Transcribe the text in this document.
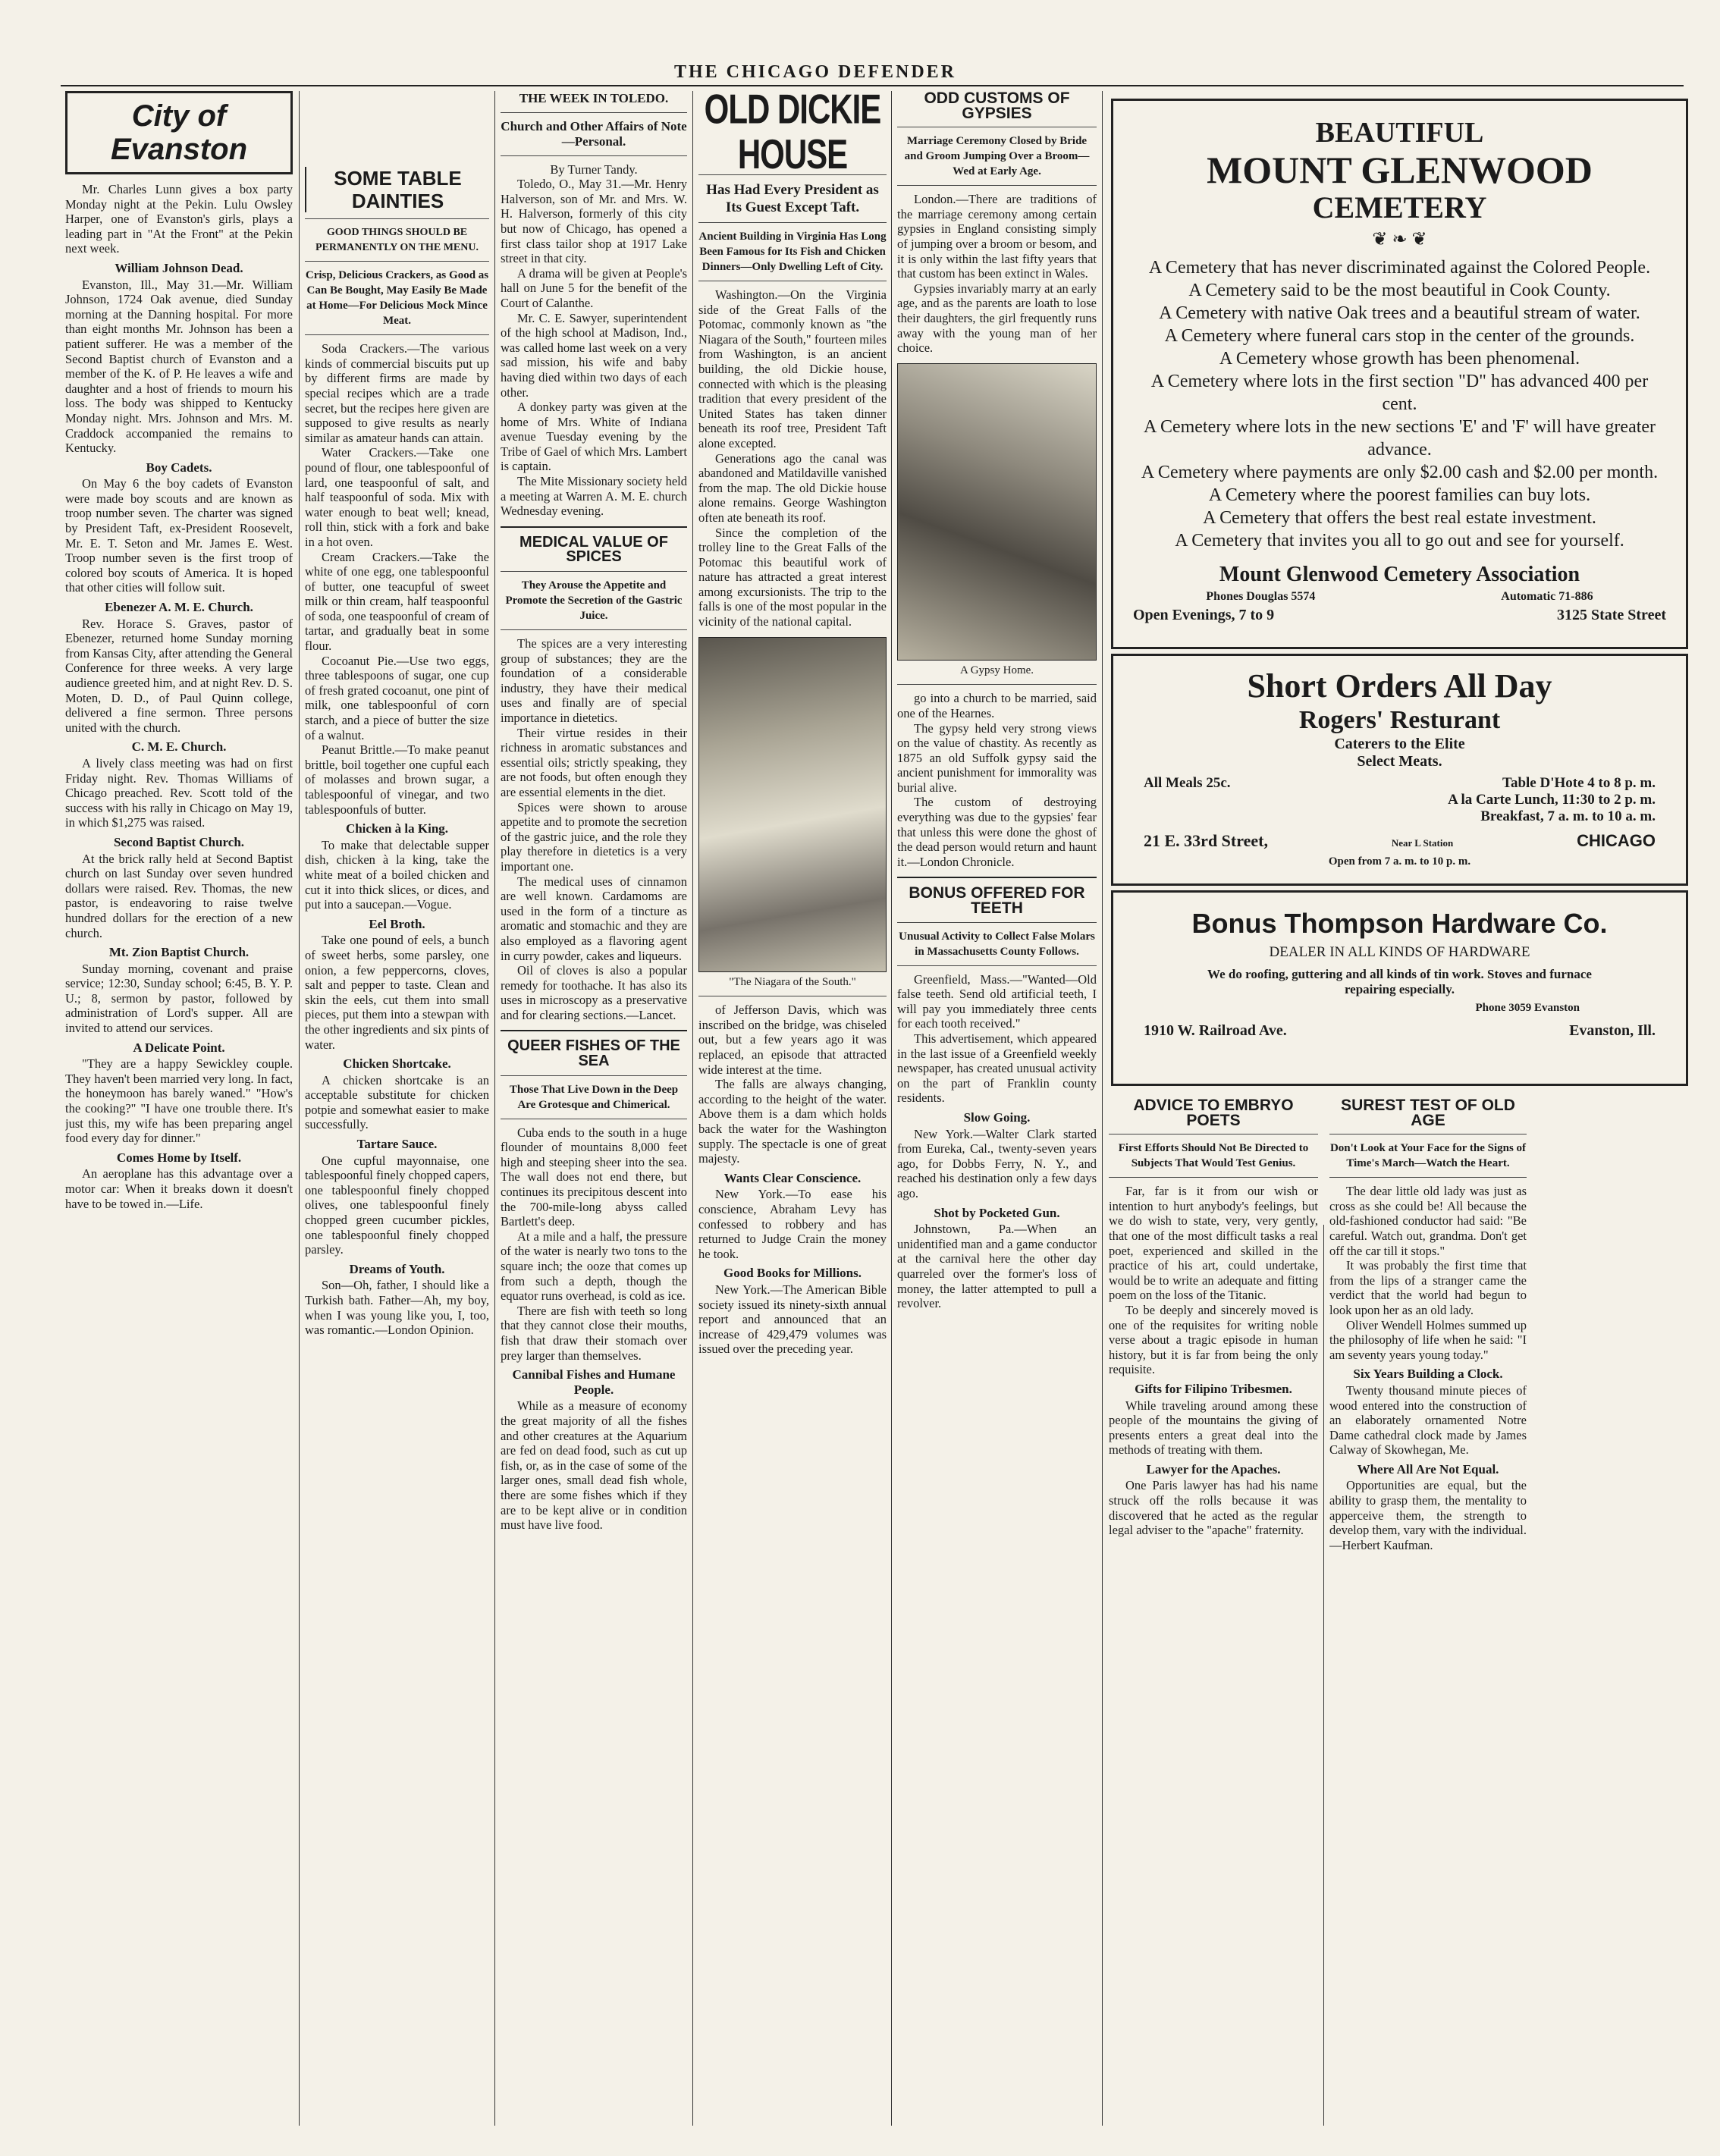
THE CHICAGO DEFENDER
City of Evanston

Mr. Charles Lunn gives a box party Monday night at the Pekin. Lulu Owsley Harper, one of Evanston's girls, plays a leading part in "At the Front" at the Pekin next week.

William Johnson Dead.

Evanston, Ill., May 31.—Mr. William Johnson, 1724 Oak avenue, died Sunday morning at the Danning hospital. For more than eight months Mr. Johnson has been a patient sufferer. He was a member of the Second Baptist church of Evanston and a member of the K. of P. He leaves a wife and daughter and a host of friends to mourn his loss. The body was shipped to Kentucky Monday night. Mrs. Johnson and Mrs. M. Craddock accompanied the remains to Kentucky.

Boy Cadets.

On May 6 the boy cadets of Evanston were made boy scouts and are known as troop number seven. The charter was signed by President Taft, ex-President Roosevelt, Mr. E. T. Seton and Mr. James E. West. Troop number seven is the first troop of colored boy scouts of America. It is hoped that other cities will follow suit.

Ebenezer A. M. E. Church.

Rev. Horace S. Graves, pastor of Ebenezer, returned home Sunday morning from Kansas City, after attending the General Conference for three weeks. A very large audience greeted him, and at night Rev. D. S. Moten, D. D., of Paul Quinn college, delivered a fine sermon. Three persons united with the church.

C. M. E. Church.

A lively class meeting was had on first Friday night. Rev. Thomas Williams of Chicago preached. Rev. Scott told of the success with his rally in Chicago on May 19, in which $1,275 was raised.

Second Baptist Church.

At the brick rally held at Second Baptist church on last Sunday over seven hundred dollars were raised. Rev. Thomas, the new pastor, is endeavoring to raise twelve hundred dollars for the erection of a new church.

Mt. Zion Baptist Church.

Sunday morning, covenant and praise service; 12:30, Sunday school; 6:45, B. Y. P. U.; 8, sermon by pastor, followed by administration of Lord's supper. All are invited to attend our services.

A Delicate Point.

"They are a happy Sewickley couple. They haven't been married very long. In fact, the honeymoon has barely waned." "How's the cooking?" "I have one trouble there. It's just this, my wife has been preparing angel food every day for dinner."

Comes Home by Itself.

An aeroplane has this advantage over a motor car: When it breaks down it doesn't have to be towed in.—Life.

SOME TABLE DAINTIES
GOOD THINGS SHOULD BE PERMANENTLY ON THE MENU.
Crisp, Delicious Crackers, as Good as Can Be Bought, May Easily Be Made at Home—For Delicious Mock Mince Meat.

Soda Crackers.—The various kinds of commercial biscuits put up by different firms are made by special recipes which are a trade secret, but the recipes here given are supposed to give results as nearly similar as amateur hands can attain.

Water Crackers.—Take one pound of flour, one tablespoonful of lard, one teaspoonful of salt, and half teaspoonful of soda. Mix with water enough to beat well; knead, roll thin, stick with a fork and bake in a hot oven.

Cream Crackers.—Take the white of one egg, one tablespoonful of butter, one teacupful of sweet milk or thin cream, half teaspoonful of soda, one teaspoonful of cream of tartar, and gradually beat in some flour.

Cocoanut Pie.—Use two eggs, three tablespoons of sugar, one cup of fresh grated cocoanut, one pint of milk, one tablespoonful of corn starch, and a piece of butter the size of a walnut.

Peanut Brittle.—To make peanut brittle, boil together one cupful each of molasses and brown sugar, a tablespoonful of vinegar, and two tablespoonfuls of butter.

Chicken à la King.

To make that delectable supper dish, chicken à la king, take the white meat of a boiled chicken and cut it into thick slices, or dices, and put into a saucepan.—Vogue.

Eel Broth.

Take one pound of eels, a bunch of sweet herbs, some parsley, one onion, a few peppercorns, cloves, salt and pepper to taste. Clean and skin the eels, cut them into small pieces, put them into a stewpan with the other ingredients and six pints of water.

Chicken Shortcake.

A chicken shortcake is an acceptable substitute for chicken potpie and somewhat easier to make successfully.

Tartare Sauce.

One cupful mayonnaise, one tablespoonful finely chopped capers, one tablespoonful finely chopped olives, one tablespoonful finely chopped green cucumber pickles, one tablespoonful finely chopped parsley.

Dreams of Youth.

Son—Oh, father, I should like a Turkish bath. Father—Ah, my boy, when I was young like you, I, too, was romantic.—London Opinion.

THE WEEK IN TOLEDO.
Church and Other Affairs of Note—Personal.
By Turner Tandy.

Toledo, O., May 31.—Mr. Henry Halverson, son of Mr. and Mrs. W. H. Halverson, formerly of this city but now of Chicago, has opened a first class tailor shop at 1917 Lake street in that city.

A drama will be given at People's hall on June 5 for the benefit of the Court of Calanthe.

Mr. C. E. Sawyer, superintendent of the high school at Madison, Ind., was called home last week on a very sad mission, his wife and baby having died within two days of each other.

A donkey party was given at the home of Mrs. White of Indiana avenue Tuesday evening by the Tribe of Gael of which Mrs. Lambert is captain.

The Mite Missionary society held a meeting at Warren A. M. E. church Wednesday evening.

MEDICAL VALUE OF SPICES
They Arouse the Appetite and Promote the Secretion of the Gastric Juice.

The spices are a very interesting group of substances; they are the foundation of a considerable industry, they have their medical uses and finally are of special importance in dietetics.

Their virtue resides in their richness in aromatic substances and essential oils; strictly speaking, they are not foods, but often enough they are essential elements in the diet.

Spices were shown to arouse appetite and to promote the secretion of the gastric juice, and the role they play therefore in dietetics is a very important one.

The medical uses of cinnamon are well known. Cardamoms are used in the form of a tincture as aromatic and stomachic and they are also employed as a flavoring agent in curry powder, cakes and liqueurs.

Oil of cloves is also a popular remedy for toothache. It has also its uses in microscopy as a preservative and for clearing sections.—Lancet.

QUEER FISHES OF THE SEA
Those That Live Down in the Deep Are Grotesque and Chimerical.

Cuba ends to the south in a huge flounder of mountains 8,000 feet high and steeping sheer into the sea. The wall does not end there, but continues its precipitous descent into the 700-mile-long abyss called Bartlett's deep.

At a mile and a half, the pressure of the water is nearly two tons to the square inch; the ooze that comes up from such a depth, though the equator runs overhead, is cold as ice.

There are fish with teeth so long that they cannot close their mouths, fish that draw their stomach over prey larger than themselves.

Cannibal Fishes and Humane People.

While as a measure of economy the great majority of all the fishes and other creatures at the Aquarium are fed on dead food, such as cut up fish, or, as in the case of some of the larger ones, small dead fish whole, there are some fishes which if they are to be kept alive or in condition must have live food.

OLD DICKIE HOUSE
Has Had Every President as Its Guest Except Taft.
Ancient Building in Virginia Has Long Been Famous for Its Fish and Chicken Dinners—Only Dwelling Left of City.

Washington.—On the Virginia side of the Great Falls of the Potomac, commonly known as "the Niagara of the South," fourteen miles from Washington, is an ancient building, the old Dickie house, connected with which is the pleasing tradition that every president of the United States has taken dinner beneath its roof tree, President Taft alone excepted.

Generations ago the canal was abandoned and Matildaville vanished from the map. The old Dickie house alone remains. George Washington often ate beneath its roof.

Since the completion of the trolley line to the Great Falls of the Potomac this beautiful work of nature has attracted a great interest among excursionists. The trip to the falls is one of the most popular in the vicinity of the national capital.

"The Niagara of the South."

of Jefferson Davis, which was inscribed on the bridge, was chiseled out, but a few years ago it was replaced, an episode that attracted wide interest at the time.

The falls are always changing, according to the height of the water. Above them is a dam which holds back the water for the Washington supply. The spectacle is one of great majesty.

Wants Clear Conscience.

New York.—To ease his conscience, Abraham Levy has confessed to robbery and has returned to Judge Crain the money he took.

Good Books for Millions.

New York.—The American Bible society issued its ninety-sixth annual report and announced that an increase of 429,479 volumes was issued over the preceding year.

ODD CUSTOMS OF GYPSIES
Marriage Ceremony Closed by Bride and Groom Jumping Over a Broom—Wed at Early Age.

London.—There are traditions of the marriage ceremony among certain gypsies in England consisting simply of jumping over a broom or besom, and it is only within the last fifty years that that custom has been extinct in Wales.

Gypsies invariably marry at an early age, and as the parents are loath to lose their daughters, the girl frequently runs away with the young man of her choice.

A Gypsy Home.

go into a church to be married, said one of the Hearnes.

The gypsy held very strong views on the value of chastity. As recently as 1875 an old Suffolk gypsy said the ancient punishment for immorality was burial alive.

The custom of destroying everything was due to the gypsies' fear that unless this were done the ghost of the dead person would return and haunt it.—London Chronicle.

BONUS OFFERED FOR TEETH
Unusual Activity to Collect False Molars in Massachusetts County Follows.

Greenfield, Mass.—"Wanted—Old false teeth. Send old artificial teeth, I will pay you immediately three cents for each tooth received."

This advertisement, which appeared in the last issue of a Greenfield weekly newspaper, has created unusual activity on the part of Franklin county residents.

Slow Going.

New York.—Walter Clark started from Eureka, Cal., twenty-seven years ago, for Dobbs Ferry, N. Y., and reached his destination only a few days ago.

Shot by Pocketed Gun.

Johnstown, Pa.—When an unidentified man and a game conductor at the carnival here the other day quarreled over the former's loss of money, the latter attempted to pull a revolver.

BEAUTIFUL
MOUNT GLENWOOD
CEMETERY
❦ ❧ ❦
A Cemetery that has never discriminated against the Colored People.
A Cemetery said to be the most beautiful in Cook County.
A Cemetery with native Oak trees and a beautiful stream of water.
A Cemetery where funeral cars stop in the center of the grounds.
A Cemetery whose growth has been phenomenal.
A Cemetery where lots in the first section "D" has advanced 400 per cent.
A Cemetery where lots in the new sections 'E' and 'F' will have greater advance.
A Cemetery where payments are only $2.00 cash and $2.00 per month.
A Cemetery where the poorest families can buy lots.
A Cemetery that offers the best real estate investment.
A Cemetery that invites you all to go out and see for yourself.
Mount Glenwood Cemetery Association
Phones Douglas 5574	Automatic 71-886
Open Evenings, 7 to 9	3125 State Street
Short Orders All Day
Rogers' Resturant
Caterers to the Elite
Select Meats.
All Meals 25c.	Table D'Hote 4 to 8 p. m.
A la Carte Lunch, 11:30 to 2 p. m.
Breakfast, 7 a. m. to 10 a. m.
21 E. 33rd Street,	Near L Station	CHICAGO
Open from 7 a. m. to 10 p. m.
Bonus Thompson Hardware Co.
DEALER IN ALL KINDS OF HARDWARE
We do roofing, guttering and all kinds of tin work. Stoves and furnace repairing especially.
Phone 3059 Evanston
1910 W. Railroad Ave.	Evanston, Ill.
ADVICE TO EMBRYO POETS
First Efforts Should Not Be Directed to Subjects That Would Test Genius.

Far, far is it from our wish or intention to hurt anybody's feelings, but we do wish to state, very, very gently, that one of the most difficult tasks a real poet, experienced and skilled in the practice of his art, could undertake, would be to write an adequate and fitting poem on the loss of the Titanic.

To be deeply and sincerely moved is one of the requisites for writing noble verse about a tragic episode in human history, but it is far from being the only requisite.

Gifts for Filipino Tribesmen.

While traveling around among these people of the mountains the giving of presents enters a great deal into the methods of treating with them.

Lawyer for the Apaches.

One Paris lawyer has had his name struck off the rolls because it was discovered that he acted as the regular legal adviser to the "apache" fraternity.

SUREST TEST OF OLD AGE
Don't Look at Your Face for the Signs of Time's March—Watch the Heart.

The dear little old lady was just as cross as she could be! All because the old-fashioned conductor had said: "Be careful. Watch out, grandma. Don't get off the car till it stops."

It was probably the first time that from the lips of a stranger came the verdict that the world had begun to look upon her as an old lady.

Oliver Wendell Holmes summed up the philosophy of life when he said: "I am seventy years young today."

Six Years Building a Clock.

Twenty thousand minute pieces of wood entered into the construction of an elaborately ornamented Notre Dame cathedral clock made by James Calway of Skowhegan, Me.

Where All Are Not Equal.

Opportunities are equal, but the ability to grasp them, the mentality to apperceive them, the strength to develop them, vary with the individual.—Herbert Kaufman.
